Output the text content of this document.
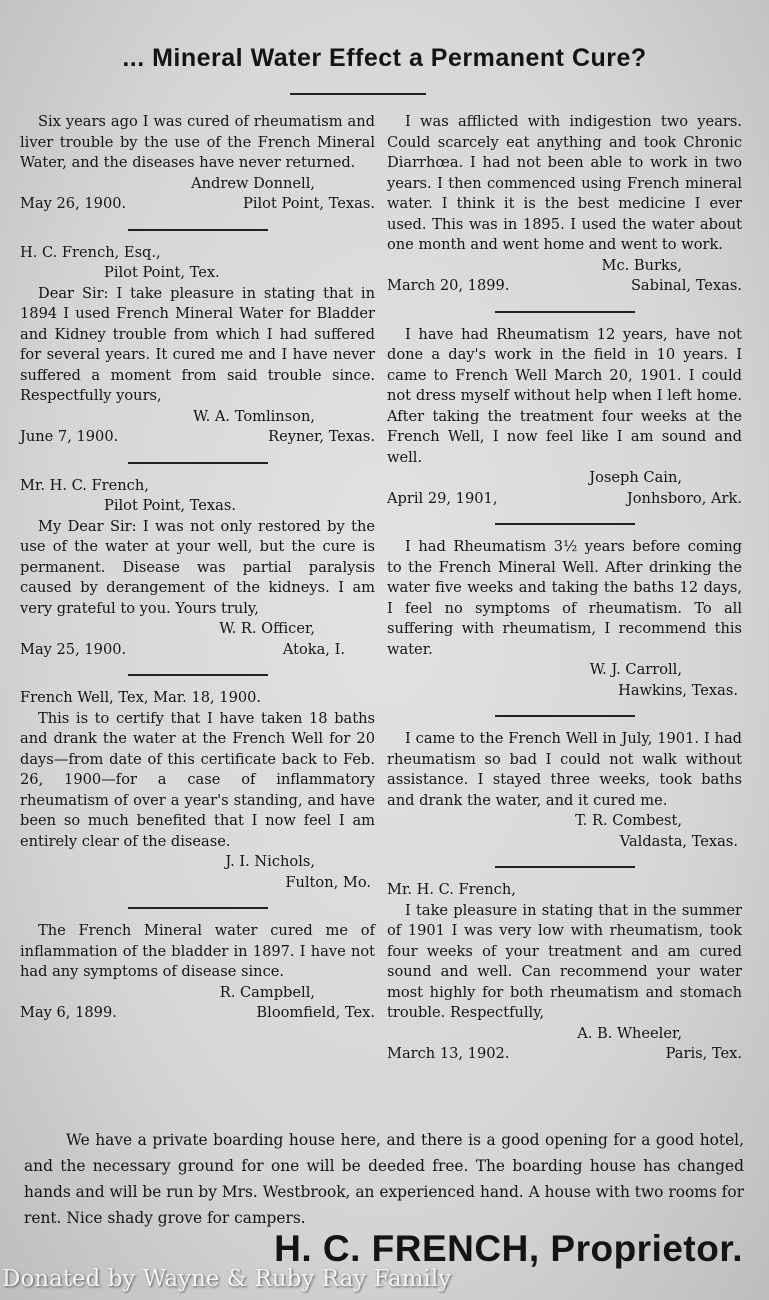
... Mineral Water Effect a Permanent Cure?

Six years ago I was cured of rheumatism and liver trouble by the use of the French Mineral Water, and the diseases have never returned.

Andrew Donnell,
May 26, 1900.	Pilot Point, Texas.
H. C. French, Esq.,
Pilot Point, Tex.

Dear Sir: I take pleasure in stating that in 1894 I used French Mineral Water for Bladder and Kidney trouble from which I had suffered for several years. It cured me and I have never suffered a moment from said trouble since. Respectfully yours,

W. A. Tomlinson,
June 7, 1900.	Reyner, Texas.
Mr. H. C. French,
Pilot Point, Texas.

My Dear Sir: I was not only restored by the use of the water at your well, but the cure is permanent. Disease was partial paralysis caused by derangement of the kidneys. I am very grateful to you. Yours truly,

W. R. Officer,
May 25, 1900.	Atoka, I.
French Well, Tex, Mar. 18, 1900.

This is to certify that I have taken 18 baths and drank the water at the French Well for 20 days—from date of this certificate back to Feb. 26, 1900—for a case of inflammatory rheumatism of over a year's standing, and have been so much benefited that I now feel I am entirely clear of the disease.

J. I. Nichols,
Fulton, Mo.

The French Mineral water cured me of inflammation of the bladder in 1897. I have not had any symptoms of disease since.

R. Campbell,
May 6, 1899.	Bloomfield, Tex.

I was afflicted with indigestion two years. Could scarcely eat anything and took Chronic Diarrhœa. I had not been able to work in two years. I then commenced using French mineral water. I think it is the best medicine I ever used. This was in 1895. I used the water about one month and went home and went to work.

Mc. Burks,
March 20, 1899.	Sabinal, Texas.

I have had Rheumatism 12 years, have not done a day's work in the field in 10 years. I came to French Well March 20, 1901. I could not dress myself without help when I left home. After taking the treatment four weeks at the French Well, I now feel like I am sound and well.

Joseph Cain,
April 29, 1901,	Jonhsboro, Ark.

I had Rheumatism 3½ years before coming to the French Mineral Well. After drinking the water five weeks and taking the baths 12 days, I feel no symptoms of rheumatism. To all suffering with rheumatism, I recommend this water.

W. J. Carroll,
Hawkins, Texas.

I came to the French Well in July, 1901. I had rheumatism so bad I could not walk without assistance. I stayed three weeks, took baths and drank the water, and it cured me.

T. R. Combest,
Valdasta, Texas.
Mr. H. C. French,

I take pleasure in stating that in the summer of 1901 I was very low with rheumatism, took four weeks of your treatment and am cured sound and well. Can recommend your water most highly for both rheumatism and stomach trouble. Respectfully,

A. B. Wheeler,
March 13, 1902.	Paris, Tex.
We have a private boarding house here, and there is a good opening for a good hotel, and the necessary ground for one will be deeded free. The boarding house has changed hands and will be run by Mrs. Westbrook, an experienced hand. A house with two rooms for rent. Nice shady grove for campers.
H. C. FRENCH, Proprietor.
Donated by Wayne & Ruby Ray Family
